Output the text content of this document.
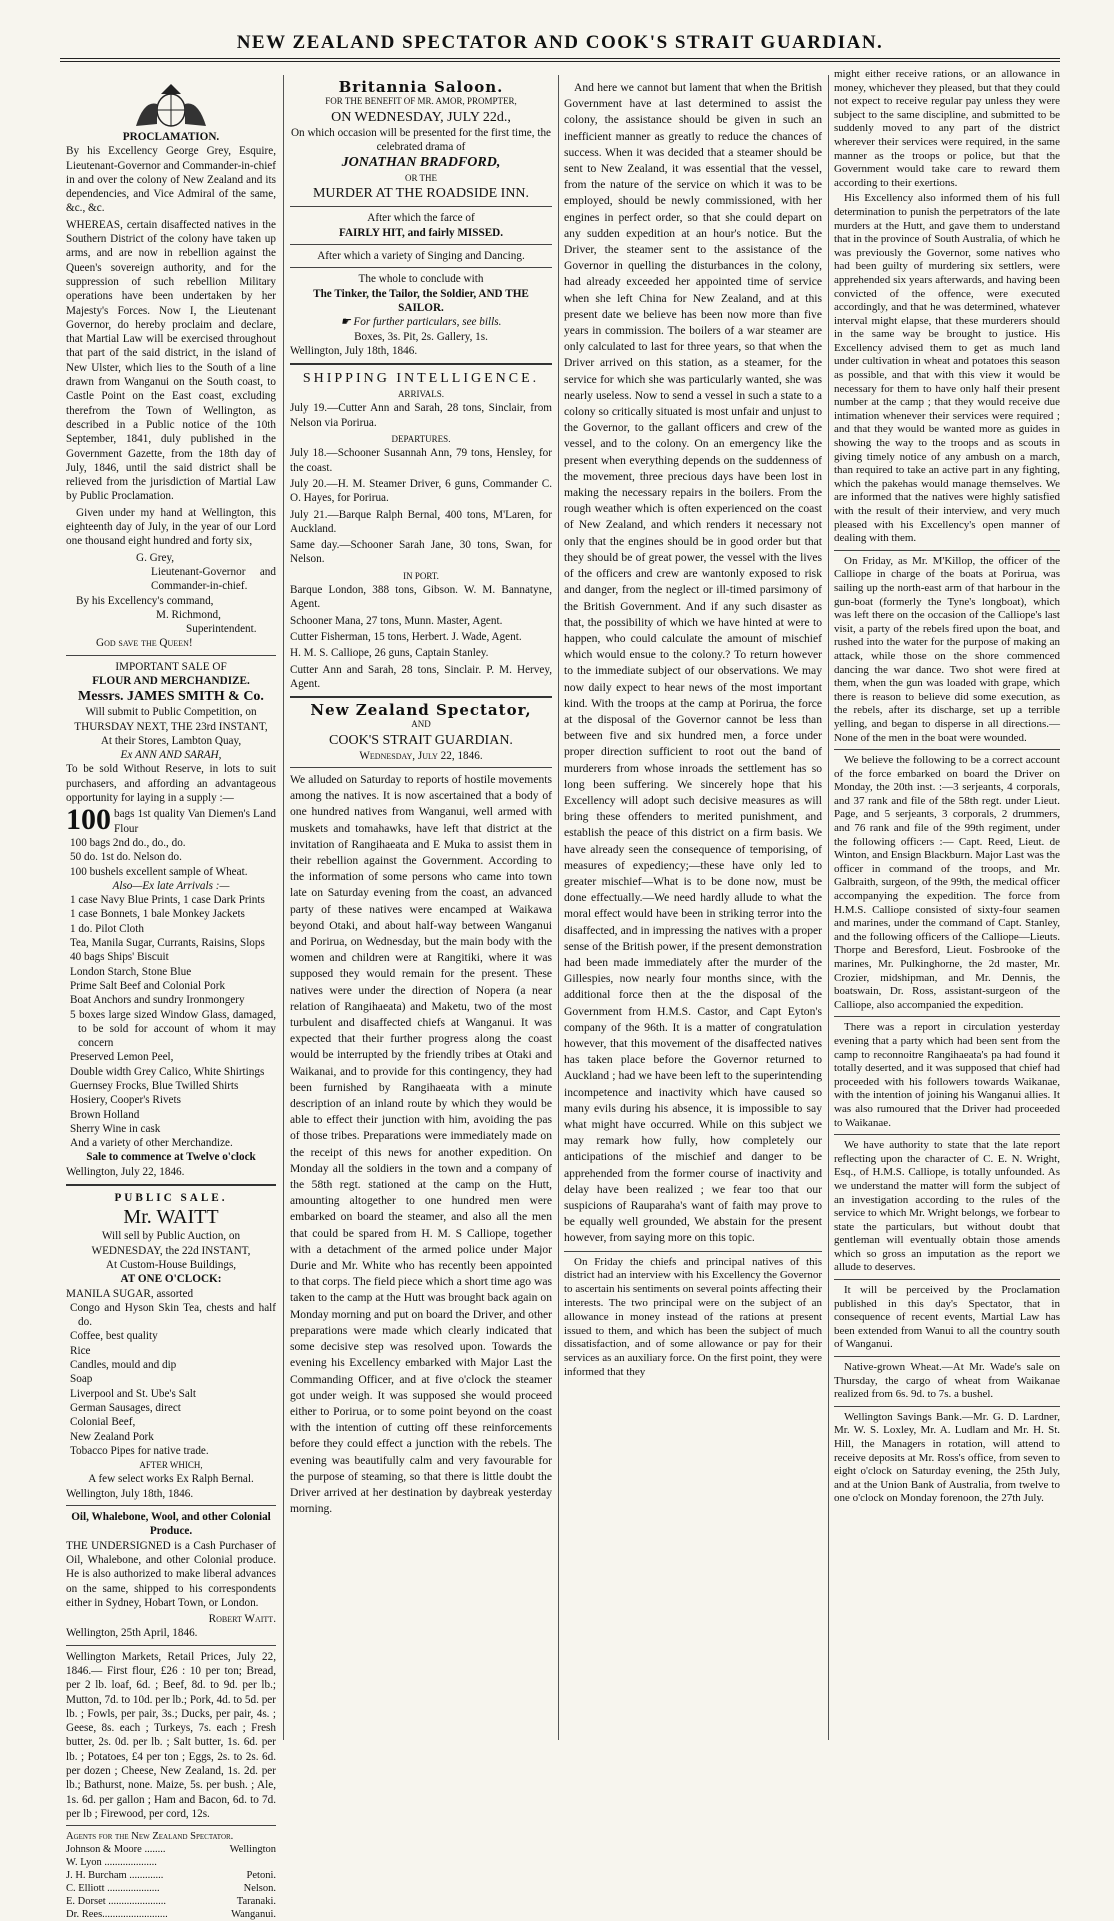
NEW ZEALAND SPECTATOR AND COOK'S STRAIT GUARDIAN.
PROCLAMATION.

By his Excellency George Grey, Esquire, Lieutenant-Governor and Commander-in-chief in and over the colony of New Zealand and its dependencies, and Vice Admiral of the same, &c., &c.

WHEREAS, certain disaffected natives in the Southern District of the colony have taken up arms, and are now in rebellion against the Queen's sovereign authority, and for the suppression of such rebellion Military operations have been undertaken by her Majesty's Forces. Now I, the Lieutenant Governor, do hereby proclaim and declare, that Martial Law will be exercised throughout that part of the said district, in the island of New Ulster, which lies to the South of a line drawn from Wanganui on the South coast, to Castle Point on the East coast, excluding therefrom the Town of Wellington, as described in a Public notice of the 10th September, 1841, duly published in the Government Gazette, from the 18th day of July, 1846, until the said district shall be relieved from the jurisdiction of Martial Law by Public Proclamation.

Given under my hand at Wellington, this eighteenth day of July, in the year of our Lord one thousand eight hundred and forty six,

G. Grey,
Lieutenant-Governor and Commander-in-chief.
By his Excellency's command,
M. Richmond,
Superintendent.
God save the Queen!
IMPORTANT SALE OF
FLOUR AND MERCHANDIZE.
Messrs. JAMES SMITH & Co.
Will submit to Public Competition, on
THURSDAY NEXT, THE 23rd INSTANT,
At their Stores, Lambton Quay,
Ex ANN AND SARAH,

To be sold Without Reserve, in lots to suit purchasers, and affording an advantageous opportunity for laying in a supply :—

100 bags 1st quality Van Diemen's Land Flour
100 bags 2nd do., do., do.
50 do. 1st do. Nelson do.
100 bushels excellent sample of Wheat.
Also—Ex late Arrivals :—
1 case Navy Blue Prints, 1 case Dark Prints
1 case Bonnets, 1 bale Monkey Jackets
1 do. Pilot Cloth
Tea, Manila Sugar, Currants, Raisins, Slops
40 bags Ships' Biscuit
London Starch, Stone Blue
Prime Salt Beef and Colonial Pork
Boat Anchors and sundry Ironmongery
5 boxes large sized Window Glass, damaged, to be sold for account of whom it may concern
Preserved Lemon Peel,
Double width Grey Calico, White Shirtings
Guernsey Frocks, Blue Twilled Shirts
Hosiery, Cooper's Rivets
Brown Holland
Sherry Wine in cask
And a variety of other Merchandize.
Sale to commence at Twelve o'clock
Wellington, July 22, 1846.
PUBLIC SALE.
Mr. WAITT
Will sell by Public Auction, on
WEDNESDAY, the 22d INSTANT,
At Custom-House Buildings,
AT ONE O'CLOCK:
MANILA SUGAR, assorted
Congo and Hyson Skin Tea, chests and half do.
Coffee, best quality
Rice
Candles, mould and dip
Soap
Liverpool and St. Ube's Salt
German Sausages, direct
Colonial Beef,
New Zealand Pork
Tobacco Pipes for native trade.
AFTER WHICH,
A few select works Ex Ralph Bernal.
Wellington, July 18th, 1846.
Oil, Whalebone, Wool, and other Colonial Produce.

THE UNDERSIGNED is a Cash Purchaser of Oil, Whalebone, and other Colonial produce. He is also authorized to make liberal advances on the same, shipped to his correspondents either in Sydney, Hobart Town, or London.

Robert Waitt.
Wellington, 25th April, 1846.

Wellington Markets, Retail Prices, July 22, 1846.— First flour, £26 : 10 per ton; Bread, per 2 lb. loaf, 6d. ; Beef, 8d. to 9d. per lb.; Mutton, 7d. to 10d. per lb.; Pork, 4d. to 5d. per lb. ; Fowls, per pair, 3s.; Ducks, per pair, 4s. ; Geese, 8s. each ; Turkeys, 7s. each ; Fresh butter, 2s. 0d. per lb. ; Salt butter, 1s. 6d. per lb. ; Potatoes, £4 per ton ; Eggs, 2s. to 2s. 6d. per dozen ; Cheese, New Zealand, 1s. 2d. per lb.; Bathurst, none. Maize, 5s. per bush. ; Ale, 1s. 6d. per gallon ; Ham and Bacon, 6d. to 7d. per lb ; Firewood, per cord, 12s.

Agents for the New Zealand Spectator.
Johnson & Moore ........	Wellington
W. Lyon ....................
J. H. Burcham .............	Petoni.
C. Elliott ....................	Nelson.
E. Dorset ......................	Taranaki.
Dr. Rees.........................	Wanganui.
Britannia Saloon.
FOR THE BENEFIT OF MR. AMOR, PROMPTER,
ON WEDNESDAY, JULY 22d.,
On which occasion will be presented for the first time, the celebrated drama of
JONATHAN BRADFORD,
OR THE
MURDER AT THE ROADSIDE INN.
After which the farce of
FAIRLY HIT, and fairly MISSED.
After which a variety of Singing and Dancing.
The whole to conclude with
The Tinker, the Tailor, the Soldier, AND THE SAILOR.
☛ For further particulars, see bills.
Boxes, 3s. Pit, 2s. Gallery, 1s.
Wellington, July 18th, 1846.
SHIPPING INTELLIGENCE.
ARRIVALS.

July 19.—Cutter Ann and Sarah, 28 tons, Sinclair, from Nelson via Porirua.

DEPARTURES.

July 18.—Schooner Susannah Ann, 79 tons, Hensley, for the coast.

July 20.—H. M. Steamer Driver, 6 guns, Commander C. O. Hayes, for Porirua.

July 21.—Barque Ralph Bernal, 400 tons, M'Laren, for Auckland.

Same day.—Schooner Sarah Jane, 30 tons, Swan, for Nelson.

IN PORT.

Barque London, 388 tons, Gibson. W. M. Bannatyne, Agent.

Schooner Mana, 27 tons, Munn. Master, Agent.

Cutter Fisherman, 15 tons, Herbert. J. Wade, Agent.

H. M. S. Calliope, 26 guns, Captain Stanley.

Cutter Ann and Sarah, 28 tons, Sinclair. P. M. Hervey, Agent.

New Zealand Spectator,
AND
COOK'S STRAIT GUARDIAN.
Wednesday, July 22, 1846.

We alluded on Saturday to reports of hostile movements among the natives. It is now ascertained that a body of one hundred natives from Wanganui, well armed with muskets and tomahawks, have left that district at the invitation of Rangihaeata and E Muka to assist them in their rebellion against the Government. According to the information of some persons who came into town late on Saturday evening from the coast, an advanced party of these natives were encamped at Waikawa beyond Otaki, and about half-way between Wanganui and Porirua, on Wednesday, but the main body with the women and children were at Rangitiki, where it was supposed they would remain for the present. These natives were under the direction of Nopera (a near relation of Rangihaeata) and Maketu, two of the most turbulent and disaffected chiefs at Wanganui. It was expected that their further progress along the coast would be interrupted by the friendly tribes at Otaki and Waikanai, and to provide for this contingency, they had been furnished by Rangihaeata with a minute description of an inland route by which they would be able to effect their junction with him, avoiding the pas of those tribes. Preparations were immediately made on the receipt of this news for another expedition. On Monday all the soldiers in the town and a company of the 58th regt. stationed at the camp on the Hutt, amounting altogether to one hundred men were embarked on board the steamer, and also all the men that could be spared from H. M. S Calliope, together with a detachment of the armed police under Major Durie and Mr. White who has recently been appointed to that corps. The field piece which a short time ago was taken to the camp at the Hutt was brought back again on Monday morning and put on board the Driver, and other preparations were made which clearly indicated that some decisive step was resolved upon. Towards the evening his Excellency embarked with Major Last the Commanding Officer, and at five o'clock the steamer got under weigh. It was supposed she would proceed either to Porirua, or to some point beyond on the coast with the intention of cutting off these reinforcements before they could effect a junction with the rebels. The evening was beautifully calm and very favourable for the purpose of steaming, so that there is little doubt the Driver arrived at her destination by daybreak yesterday morning.

And here we cannot but lament that when the British Government have at last determined to assist the colony, the assistance should be given in such an inefficient manner as greatly to reduce the chances of success. When it was decided that a steamer should be sent to New Zealand, it was essential that the vessel, from the nature of the service on which it was to be employed, should be newly commissioned, with her engines in perfect order, so that she could depart on any sudden expedition at an hour's notice. But the Driver, the steamer sent to the assistance of the Governor in quelling the disturbances in the colony, had already exceeded her appointed time of service when she left China for New Zealand, and at this present date we believe has been now more than five years in commission. The boilers of a war steamer are only calculated to last for three years, so that when the Driver arrived on this station, as a steamer, for the service for which she was particularly wanted, she was nearly useless. Now to send a vessel in such a state to a colony so critically situated is most unfair and unjust to the Governor, to the gallant officers and crew of the vessel, and to the colony. On an emergency like the present when everything depends on the suddenness of the movement, three precious days have been lost in making the necessary repairs in the boilers. From the rough weather which is often experienced on the coast of New Zealand, and which renders it necessary not only that the engines should be in good order but that they should be of great power, the vessel with the lives of the officers and crew are wantonly exposed to risk and danger, from the neglect or ill-timed parsimony of the British Government. And if any such disaster as that, the possibility of which we have hinted at were to happen, who could calculate the amount of mischief which would ensue to the colony.? To return however to the immediate subject of our observations. We may now daily expect to hear news of the most important kind. With the troops at the camp at Porirua, the force at the disposal of the Governor cannot be less than between five and six hundred men, a force under proper direction sufficient to root out the band of murderers from whose inroads the settlement has so long been suffering. We sincerely hope that his Excellency will adopt such decisive measures as will bring these offenders to merited punishment, and establish the peace of this district on a firm basis. We have already seen the consequence of temporising, of measures of expediency;—these have only led to greater mischief—What is to be done now, must be done effectually.—We need hardly allude to what the moral effect would have been in striking terror into the disaffected, and in impressing the natives with a proper sense of the British power, if the present demonstration had been made immediately after the murder of the Gillespies, now nearly four months since, with the additional force then at the the disposal of the Government from H.M.S. Castor, and Capt Eyton's company of the 96th. It is a matter of congratulation however, that this movement of the disaffected natives has taken place before the Governor returned to Auckland ; had we have been left to the superintending incompetence and inactivity which have caused so many evils during his absence, it is impossible to say what might have occurred. While on this subject we may remark how fully, how completely our anticipations of the mischief and danger to be apprehended from the former course of inactivity and delay have been realized ; we fear too that our suspicions of Rauparaha's want of faith may prove to be equally well grounded, We abstain for the present however, from saying more on this topic.

On Friday the chiefs and principal natives of this district had an interview with his Excellency the Governor to ascertain his sentiments on several points affecting their interests. The two principal were on the subject of an allowance in money instead of the rations at present issued to them, and which has been the subject of much dissatisfaction, and of some allowance or pay for their services as an auxiliary force. On the first point, they were informed that they

might either receive rations, or an allowance in money, whichever they pleased, but that they could not expect to receive regular pay unless they were subject to the same discipline, and submitted to be suddenly moved to any part of the district wherever their services were required, in the same manner as the troops or police, but that the Government would take care to reward them according to their exertions.

His Excellency also informed them of his full determination to punish the perpetrators of the late murders at the Hutt, and gave them to understand that in the province of South Australia, of which he was previously the Governor, some natives who had been guilty of murdering six settlers, were apprehended six years afterwards, and having been convicted of the offence, were executed accordingly, and that he was determined, whatever interval might elapse, that these murderers should in the same way be brought to justice. His Excellency advised them to get as much land under cultivation in wheat and potatoes this season as possible, and that with this view it would be necessary for them to have only half their present number at the camp ; that they would receive due intimation whenever their services were required ; and that they would be wanted more as guides in showing the way to the troops and as scouts in giving timely notice of any ambush on a march, than required to take an active part in any fighting, which the pakehas would manage themselves. We are informed that the natives were highly satisfied with the result of their interview, and very much pleased with his Excellency's open manner of dealing with them.

On Friday, as Mr. M'Killop, the officer of the Calliope in charge of the boats at Porirua, was sailing up the north-east arm of that harbour in the gun-boat (formerly the Tyne's longboat), which was left there on the occasion of the Calliope's last visit, a party of the rebels fired upon the boat, and rushed into the water for the purpose of making an attack, while those on the shore commenced dancing the war dance. Two shot were fired at them, when the gun was loaded with grape, which there is reason to believe did some execution, as the rebels, after its discharge, set up a terrible yelling, and began to disperse in all directions.— None of the men in the boat were wounded.

We believe the following to be a correct account of the force embarked on board the Driver on Monday, the 20th inst. :—3 serjeants, 4 corporals, and 37 rank and file of the 58th regt. under Lieut. Page, and 5 serjeants, 3 corporals, 2 drummers, and 76 rank and file of the 99th regiment, under the following officers :— Capt. Reed, Lieut. de Winton, and Ensign Blackburn. Major Last was the officer in command of the troops, and Mr. Galbraith, surgeon, of the 99th, the medical officer accompanying the expedition. The force from H.M.S. Calliope consisted of sixty-four seamen and marines, under the command of Capt. Stanley, and the following officers of the Calliope—Lieuts. Thorpe and Beresford, Lieut. Fosbrooke of the marines, Mr. Pulkinghorne, the 2d master, Mr. Crozier, midshipman, and Mr. Dennis, the boatswain, Dr. Ross, assistant-surgeon of the Calliope, also accompanied the expedition.

There was a report in circulation yesterday evening that a party which had been sent from the camp to reconnoitre Rangihaeata's pa had found it totally deserted, and it was supposed that chief had proceeded with his followers towards Waikanae, with the intention of joining his Wanganui allies. It was also rumoured that the Driver had proceeded to Waikanae.

We have authority to state that the late report reflecting upon the character of C. E. N. Wright, Esq., of H.M.S. Calliope, is totally unfounded. As we understand the matter will form the subject of an investigation according to the rules of the service to which Mr. Wright belongs, we forbear to state the particulars, but without doubt that gentleman will eventually obtain those amends which so gross an imputation as the report we allude to deserves.

It will be perceived by the Proclamation published in this day's Spectator, that in consequence of recent events, Martial Law has been extended from Wanui to all the country south of Wanganui.

Native-grown Wheat.—At Mr. Wade's sale on Thursday, the cargo of wheat from Waikanae realized from 6s. 9d. to 7s. a bushel.

Wellington Savings Bank.—Mr. G. D. Lardner, Mr. W. S. Loxley, Mr. A. Ludlam and Mr. H. St. Hill, the Managers in rotation, will attend to receive deposits at Mr. Ross's office, from seven to eight o'clock on Saturday evening, the 25th July, and at the Union Bank of Australia, from twelve to one o'clock on Monday forenoon, the 27th July.
